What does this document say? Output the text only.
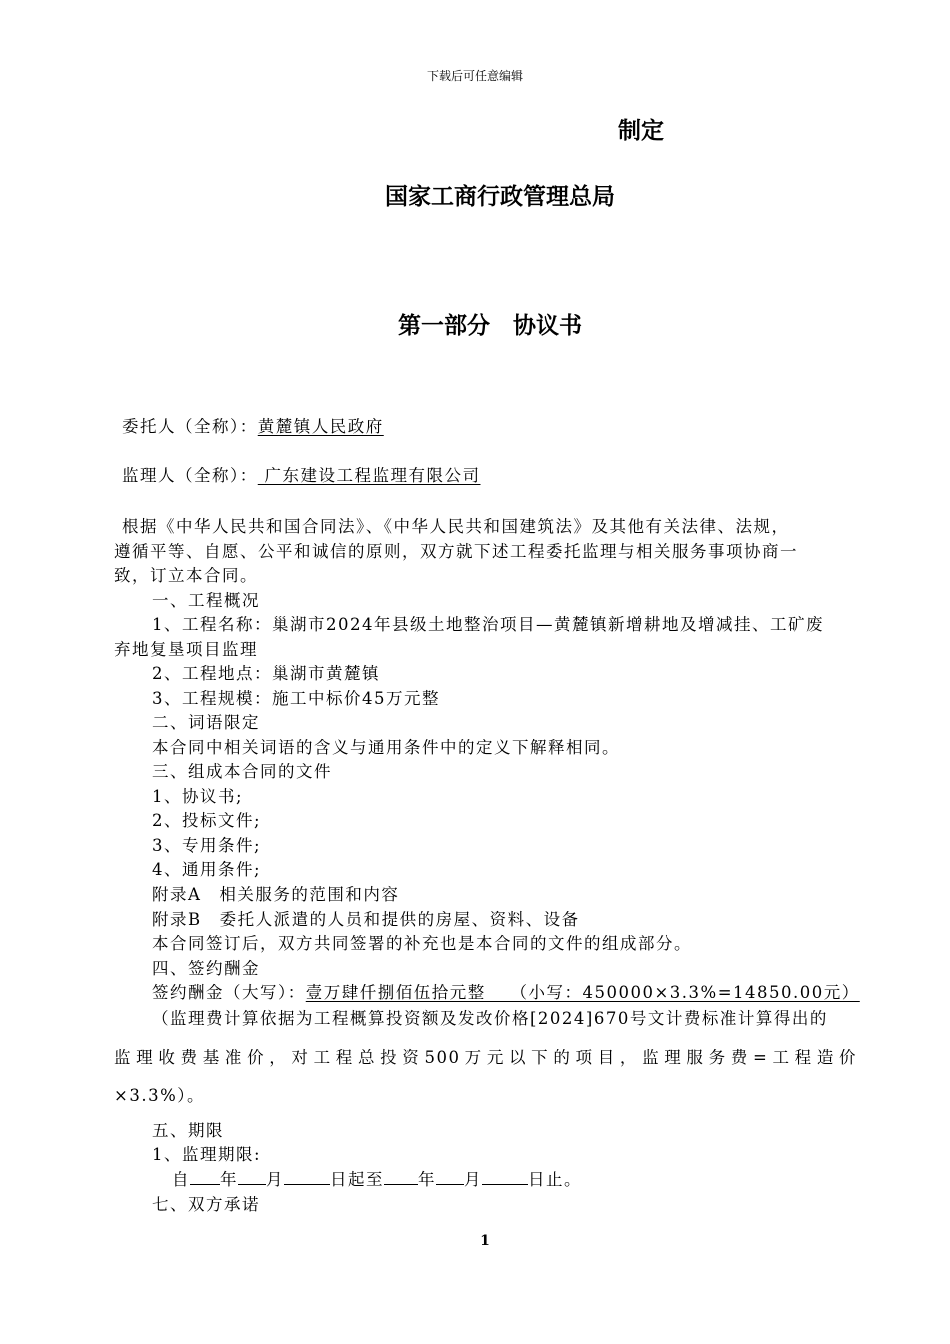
下载后可任意编辑
制定
国家工商行政管理总局
第一部分　协议书
委托人（全称）：黄麓镇人民政府
监理人（全称）： 广东建设工程监理有限公司
根据《中华人民共和国合同法》、《中华人民共和国建筑法》及其他有关法律、法规，
遵循平等、自愿、公平和诚信的原则，双方就下述工程委托监理与相关服务事项协商一
致，订立本合同。
一、工程概况
1、工程名称：巢湖市2024年县级土地整治项目—黄麓镇新增耕地及增减挂、工矿废
弃地复垦项目监理
2、工程地点：巢湖市黄麓镇
3、工程规模：施工中标价45万元整
二、词语限定
本合同中相关词语的含义与通用条件中的定义下解释相同。
三、组成本合同的文件
1、协议书;
2、投标文件;
3、专用条件;
4、通用条件;
附录A　相关服务的范围和内容
附录B　委托人派遣的人员和提供的房屋、资料、设备
本合同签订后，双方共同签署的补充也是本合同的文件的组成部分。
四、签约酬金
签约酬金（大写）：壹万肆仟捌佰伍拾元整　 （小写：450000×3.3%=14850.00元）
（监理费计算依据为工程概算投资额及发改价格[2024]670号文计费标准计算得出的
监理收费基准价，对工程总投资500万元以下的项目，监理服务费=工程造价
×3.3%）。
五、期限
1、监理期限:
自 年 月	日起至 年 月	日止。
七、双方承诺
1
